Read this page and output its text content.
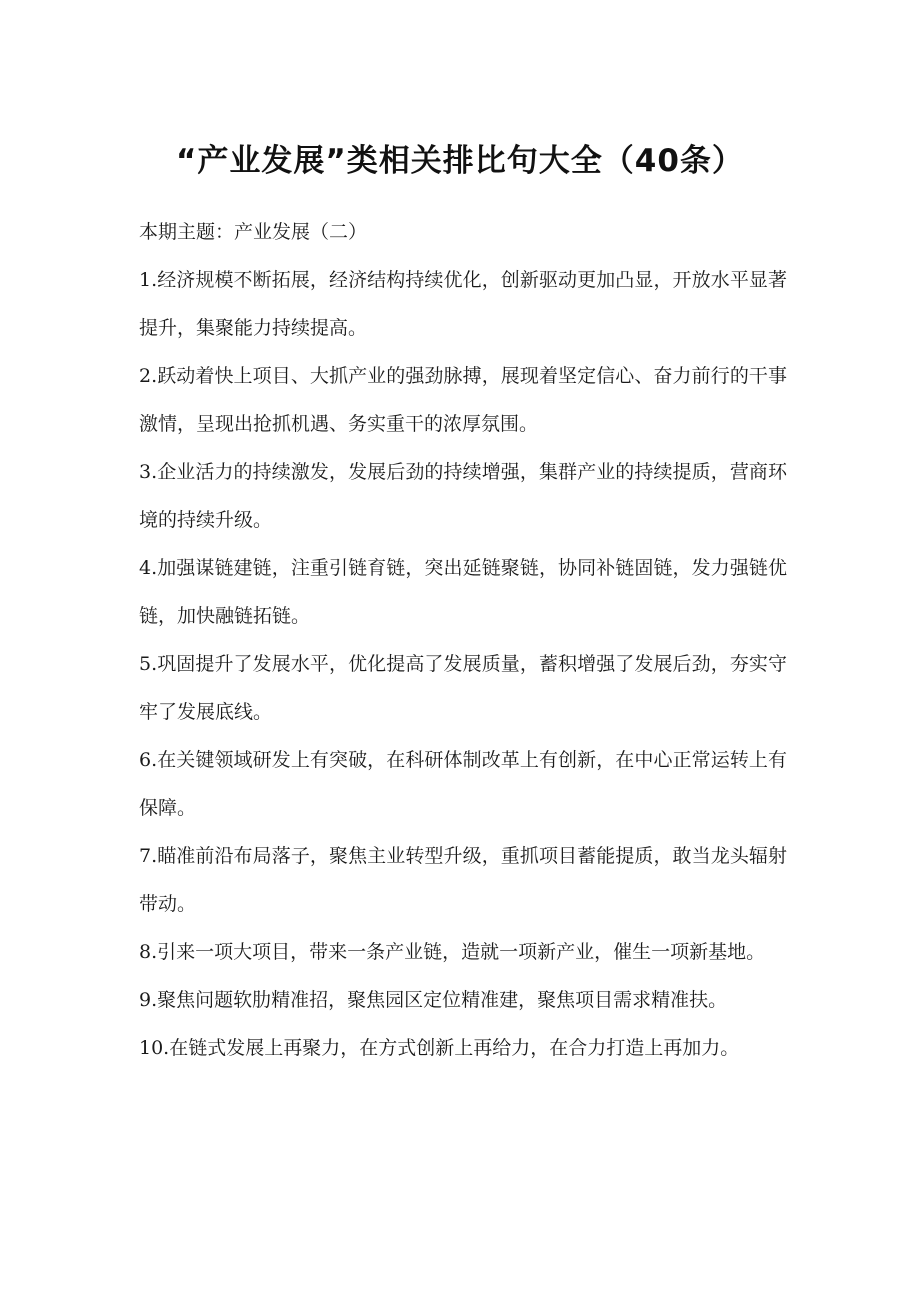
“产业发展”类相关排比句大全（40条）

本期主题：产业发展（二）

1.经济规模不断拓展，经济结构持续优化，创新驱动更加凸显，开放水平显著提升，集聚能力持续提高。

2.跃动着快上项目、大抓产业的强劲脉搏，展现着坚定信心、奋力前行的干事激情，呈现出抢抓机遇、务实重干的浓厚氛围。

3.企业活力的持续激发，发展后劲的持续增强，集群产业的持续提质，营商环境的持续升级。

4.加强谋链建链，注重引链育链，突出延链聚链，协同补链固链，发力强链优链，加快融链拓链。

5.巩固提升了发展水平，优化提高了发展质量，蓄积增强了发展后劲，夯实守牢了发展底线。

6.在关键领域研发上有突破，在科研体制改革上有创新，在中心正常运转上有保障。

7.瞄准前沿布局落子，聚焦主业转型升级，重抓项目蓄能提质，敢当龙头辐射带动。

8.引来一项大项目，带来一条产业链，造就一项新产业，催生一项新基地。

9.聚焦问题软肋精准招，聚焦园区定位精准建，聚焦项目需求精准扶。

10.在链式发展上再聚力，在方式创新上再给力，在合力打造上再加力。
